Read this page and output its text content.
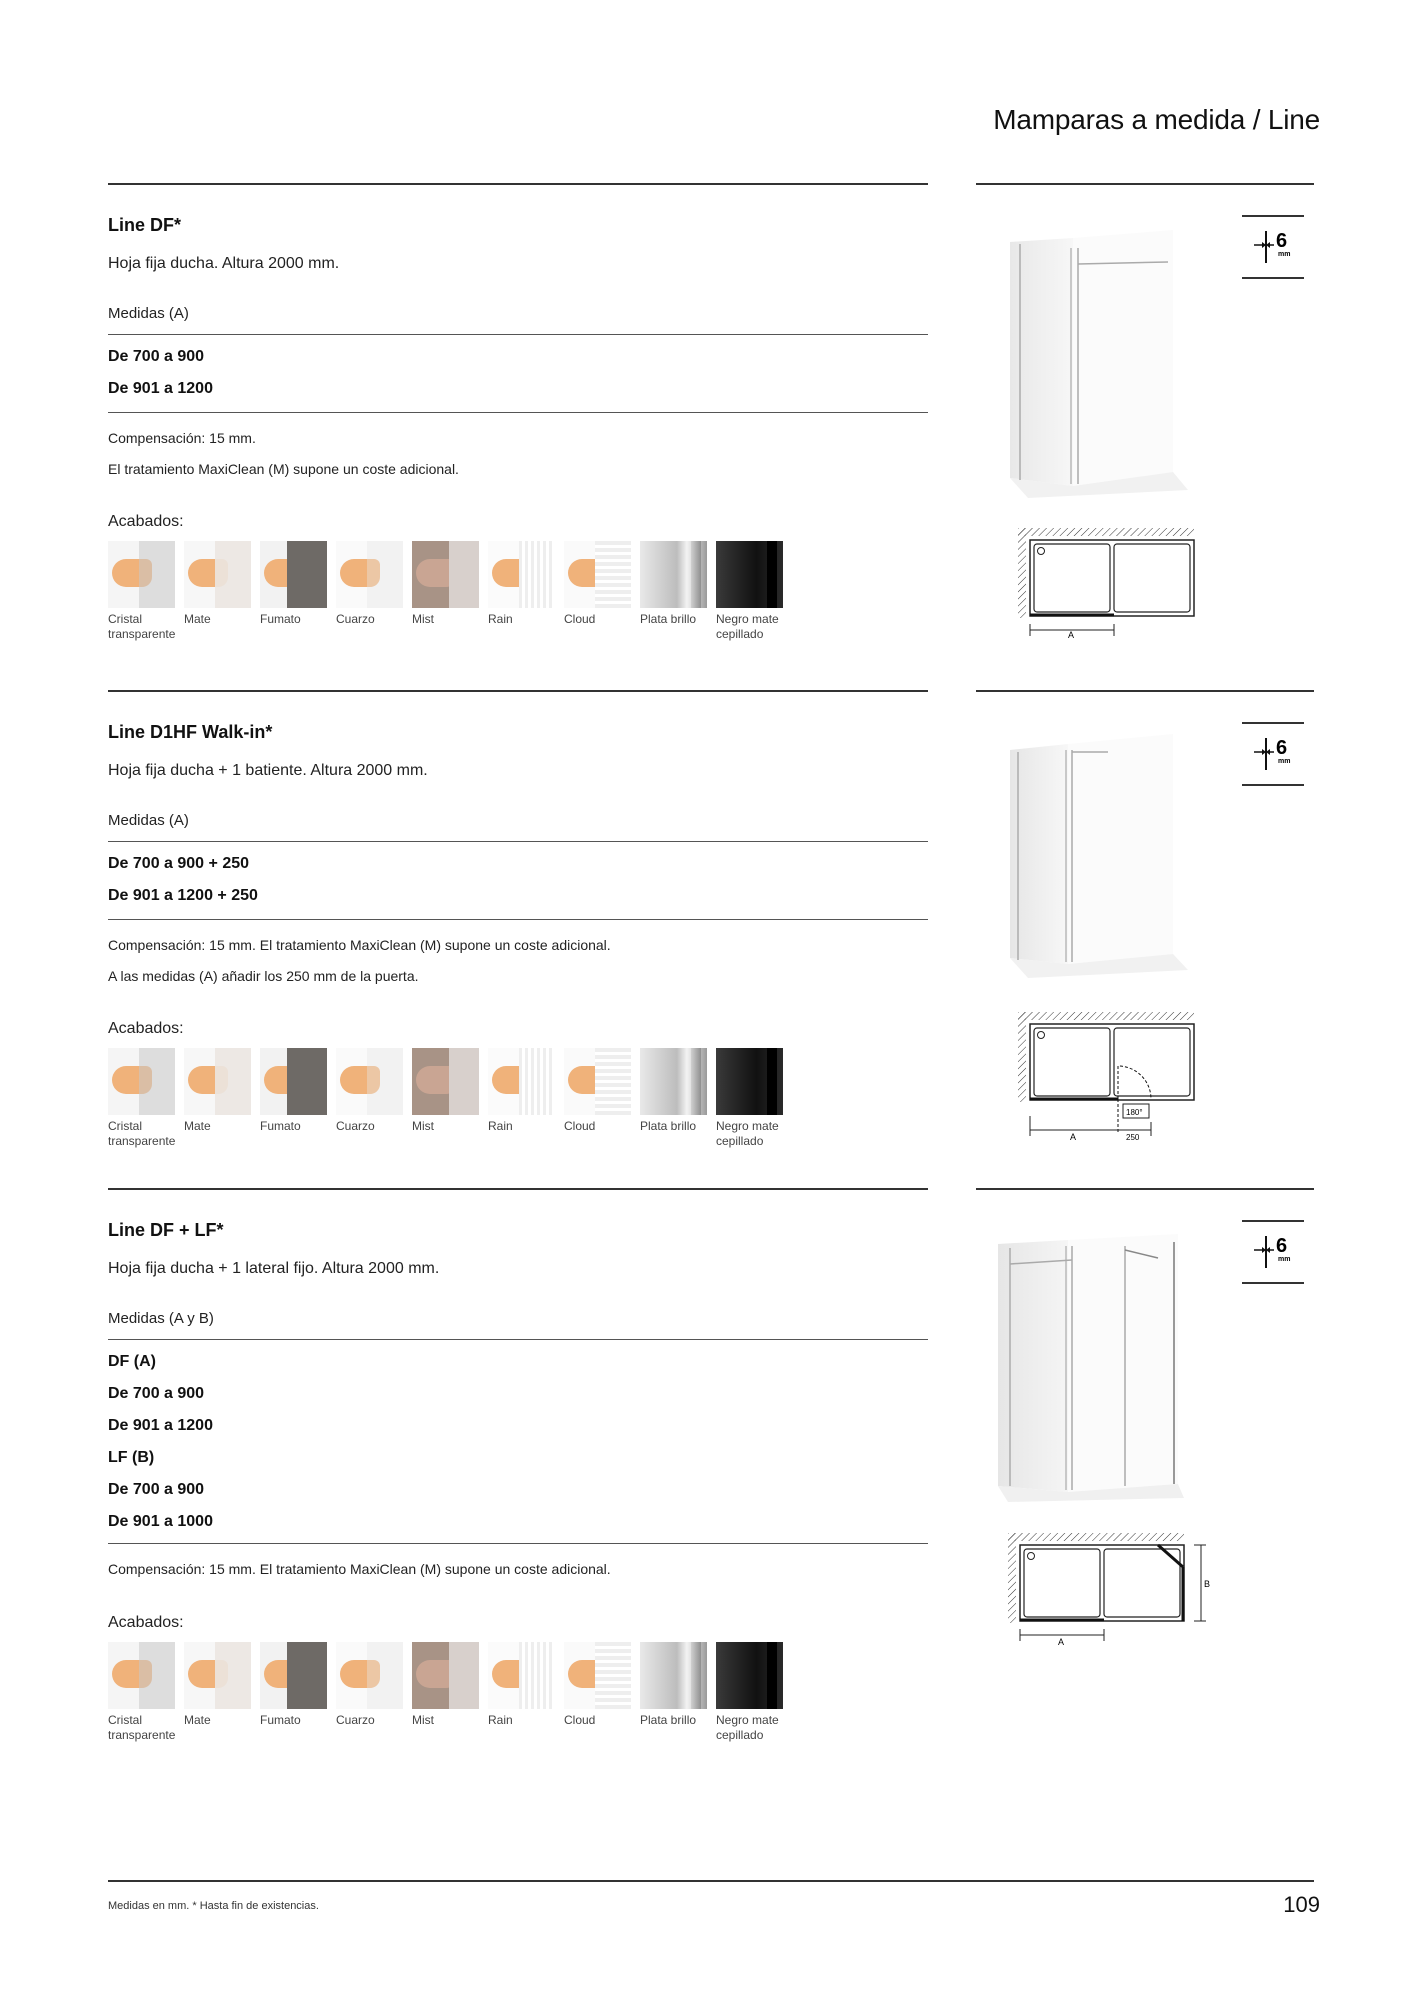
Mamparas a medida / Line
Line DF*
Hoja fija ducha. Altura 2000 mm.
Medidas (A)
De 700 a 900
De 901 a 1200
Compensación: 15 mm.
El tratamiento MaxiClean (M) supone un coste adicional.
Acabados:
Cristal transparente
Mate	Fumato	Cuarzo	Mist	Rain	Cloud	Plata brillo	Negro mate cepillado
6
mm
A
Line D1HF Walk-in*
Hoja fija ducha + 1 batiente. Altura 2000 mm.
Medidas (A)
De 700 a 900 + 250
De 901 a 1200 + 250
Compensación: 15 mm. El tratamiento MaxiClean (M) supone un coste adicional.
A las medidas (A) añadir los 250 mm de la puerta.
Acabados:
Cristal transparente
Mate	Fumato	Cuarzo	Mist	Rain	Cloud	Plata brillo	Negro mate cepillado
6
mm
180°
A	250
Line DF + LF*
Hoja fija ducha + 1 lateral fijo. Altura 2000 mm.
Medidas (A y B)
DF (A)
De 700 a 900
De 901 a 1200
LF (B)
De 700 a 900
De 901 a 1000
Compensación: 15 mm. El tratamiento MaxiClean (M) supone un coste adicional.
Acabados:
Cristal transparente
Mate	Fumato	Cuarzo	Mist	Rain	Cloud	Plata brillo	Negro mate cepillado
6
mm
B
A
Medidas en mm. * Hasta fin de existencias.	109
